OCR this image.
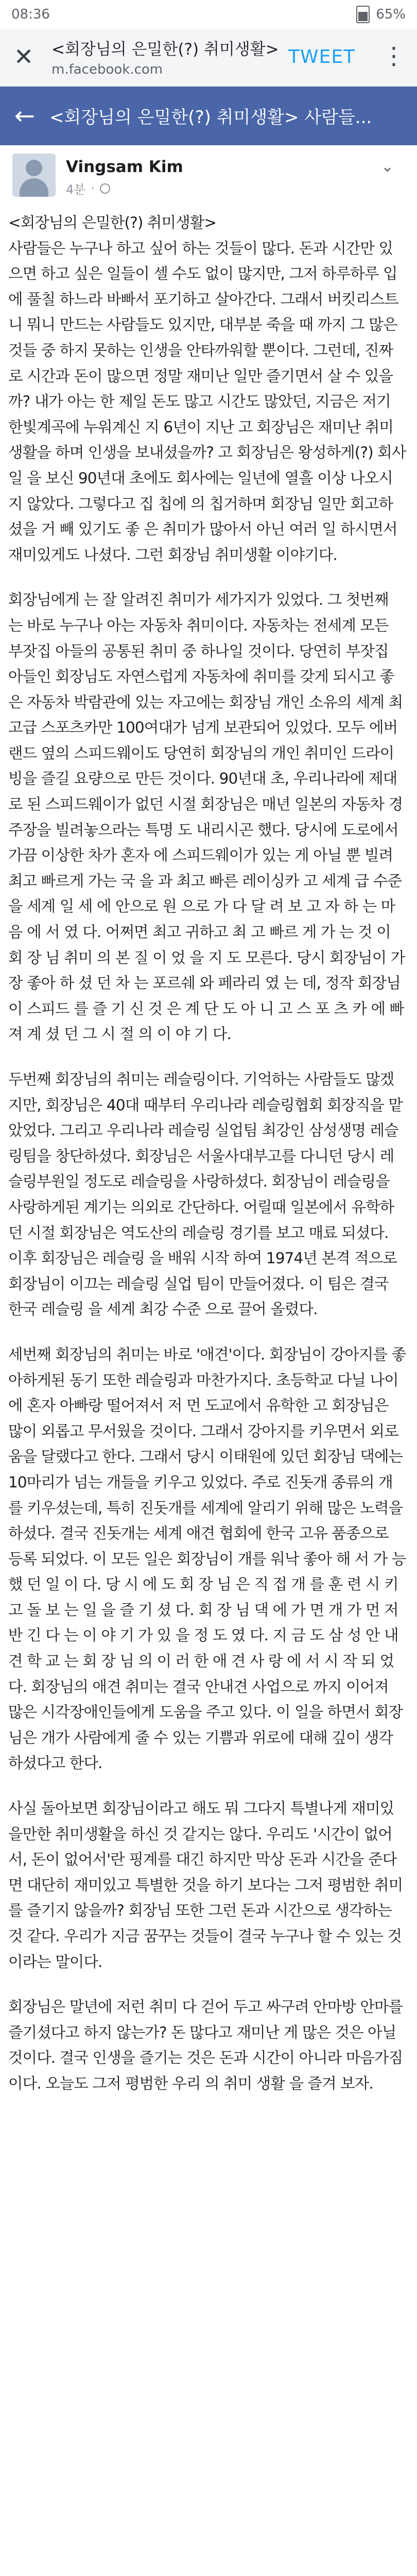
08:36	65%
✕	<회장님의 은밀한(?) 취미생활>
m.facebook.com
TWEET ⋮
← <회장님의 은밀한(?) 취미생활> 사람들...
Vingsam Kim
4분 ·
⌄

<회장님의 은밀한(?) 취미생활>

사람들은 누구나 하고 싶어 하는 것들이 많다. 돈과 시간만 있으면 하고 싶은 일들이 셀 수도 없이 많지만, 그저 하루하루 입에 풀칠 하느라 바빠서 포기하고 살아간다. 그래서 버킷리스트니 뭐니 만드는 사람들도 있지만, 대부분 죽을 때 까지 그 많은 것들 중 하지 못하는 인생을 안타까워할 뿐이다. 그런데, 진짜로 시간과 돈이 많으면 정말 재미난 일만 즐기면서 살 수 있을까? 내가 아는 한 제일 돈도 많고 시간도 많았던, 지금은 저기 한빛계곡에 누워계신 지 6년이 지난 고 회장님은 재미난 취미 생활을 하며 인생을 보내셨을까? 고 회장님은 왕성하게(?) 회사일 을 보신 90년대 초에도 회사에는 일년에 열흘 이상 나오시지 않았다. 그렇다고 집 칩에 의 칩거하며 회장님 일만 회고하셨을 거 빼 있기도 좋 은 취미가 많아서 아닌 여러 일 하시면서 재미있게도 나셨다. 그런 회장님 취미생활 이야기다.

회장님에게 는 잘 알려진 취미가 세가지가 있었다. 그 첫번째 는 바로 누구나 아는 자동차 취미이다. 자동차는 전세계 모든 부잣집 아들의 공통된 취미 중 하나일 것이다. 당연히 부잣집 아들인 회장님도 자연스럽게 자동차에 취미를 갖게 되시고 좋은 자동차 박람관에 있는 자고에는 회장님 개인 소유의 세계 최고급 스포츠카만 100여대가 넘게 보관되어 있었다. 모두 에버랜드 옆의 스피드웨이도 당연히 회장님의 개인 취미인 드라이빙을 즐길 요량으로 만든 것이다. 90년대 초, 우리나라에 제대로 된 스피드웨이가 없던 시절 회장님은 매년 일본의 자동차 경주장을 빌려놓으라는 특명 도 내리시곤 했다. 당시에 도로에서 가끔 이상한 차가 혼자 에 스피드웨이가 있는 게 아닐 뿐 빌려 최고 빠르게 가는 국 을 과 최고 빠른 레이싱카 고 세계 급 수준 을 세계 일 세 에 안으로 원 으로 가 다 달 려 보 고 자 하 는 마 음 에 서 였 다. 어쩌면 최고 귀하고 최 고 빠르 게 가 는 것 이 회 장 님 취미 의 본 질 이 었 을 지 도 모른다. 당시 회장님이 가 장 좋아 하 셨 던 차 는 포르쉐 와 페라리 였 는 데, 정작 회장님이 스피드 를 즐 기 신 것 은 계 단 도 아 니 고 스 포 츠 카 에 빠 져 계 셨 던 그 시 절 의 이 야 기 다.

두번째 회장님의 취미는 레슬링이다. 기억하는 사람들도 많겠지만, 회장님은 40대 때부터 우리나라 레슬링협회 회장직을 맡았었다. 그리고 우리나라 레슬링 실업팀 최강인 삼성생명 레슬링팀을 창단하셨다. 회장님은 서울사대부고를 다니던 당시 레슬링부원일 정도로 레슬링을 사랑하셨다. 회장님이 레슬링을 사랑하게된 계기는 의외로 간단하다. 어릴때 일본에서 유학하던 시절 회장님은 역도산의 레슬링 경기를 보고 매료 되셨다. 이후 회장님은 레슬링 을 배워 시작 하여 1974년 본격 적으로 회장님이 이끄는 레슬링 실업 팀이 만들어졌다. 이 팀은 결국 한국 레슬링 을 세계 최강 수준 으로 끌어 올렸다.

세번째 회장님의 취미는 바로 '애견'이다. 회장님이 강아지를 좋아하게된 동기 또한 레슬링과 마찬가지다. 초등학교 다닐 나이에 혼자 아빠랑 떨어져서 저 먼 도교에서 유학한 고 회장님은 많이 외롭고 무서웠을 것이다. 그래서 강아지를 키우면서 외로움을 달랬다고 한다. 그래서 당시 이태원에 있던 회장님 댁에는 10마리가 넘는 개들을 키우고 있었다. 주로 진돗개 종류의 개를 키우셨는데, 특히 진돗개를 세계에 알리기 위해 많은 노력을 하셨다. 결국 진돗개는 세계 애견 협회에 한국 고유 품종으로 등록 되었다. 이 모든 일은 회장님이 개를 워낙 좋아 해 서 가 능 했 던 일 이 다. 당 시 에 도 회 장 님 은 직 접 개 를 훈 련 시 키 고 돌 보 는 일 을 즐 기 셨 다. 회 장 님 댁 에 가 면 개 가 먼 저 반 긴 다 는 이 야 기 가 있 을 정 도 였 다. 지 금 도 삼 성 안 내 견 학 교 는 회 장 님 의 이 러 한 애 견 사 랑 에 서 시 작 되 었 다. 회장님의 애견 취미는 결국 안내견 사업으로 까지 이어져 많은 시각장애인들에게 도움을 주고 있다. 이 일을 하면서 회장님은 개가 사람에게 줄 수 있는 기쁨과 위로에 대해 깊이 생각하셨다고 한다.

사실 돌아보면 회장님이라고 해도 뭐 그다지 특별나게 재미있을만한 취미생활을 하신 것 같지는 않다. 우리도 '시간이 없어서, 돈이 없어서'란 핑계를 대긴 하지만 막상 돈과 시간을 준다면 대단히 재미있고 특별한 것을 하기 보다는 그저 평범한 취미를 즐기지 않을까? 회장님 또한 그런 돈과 시간으로 생각하는 것 같다. 우리가 지금 꿈꾸는 것들이 결국 누구나 할 수 있는 것 이라는 말이다.

회장님은 말년에 저런 취미 다 걷어 두고 싸구려 안마방 안마를 즐기셨다고 하지 않는가? 돈 많다고 재미난 게 많은 것은 아닐 것이다. 결국 인생을 즐기는 것은 돈과 시간이 아니라 마음가짐 이다. 오늘도 그저 평범한 우리 의 취미 생활 을 즐겨 보자.
